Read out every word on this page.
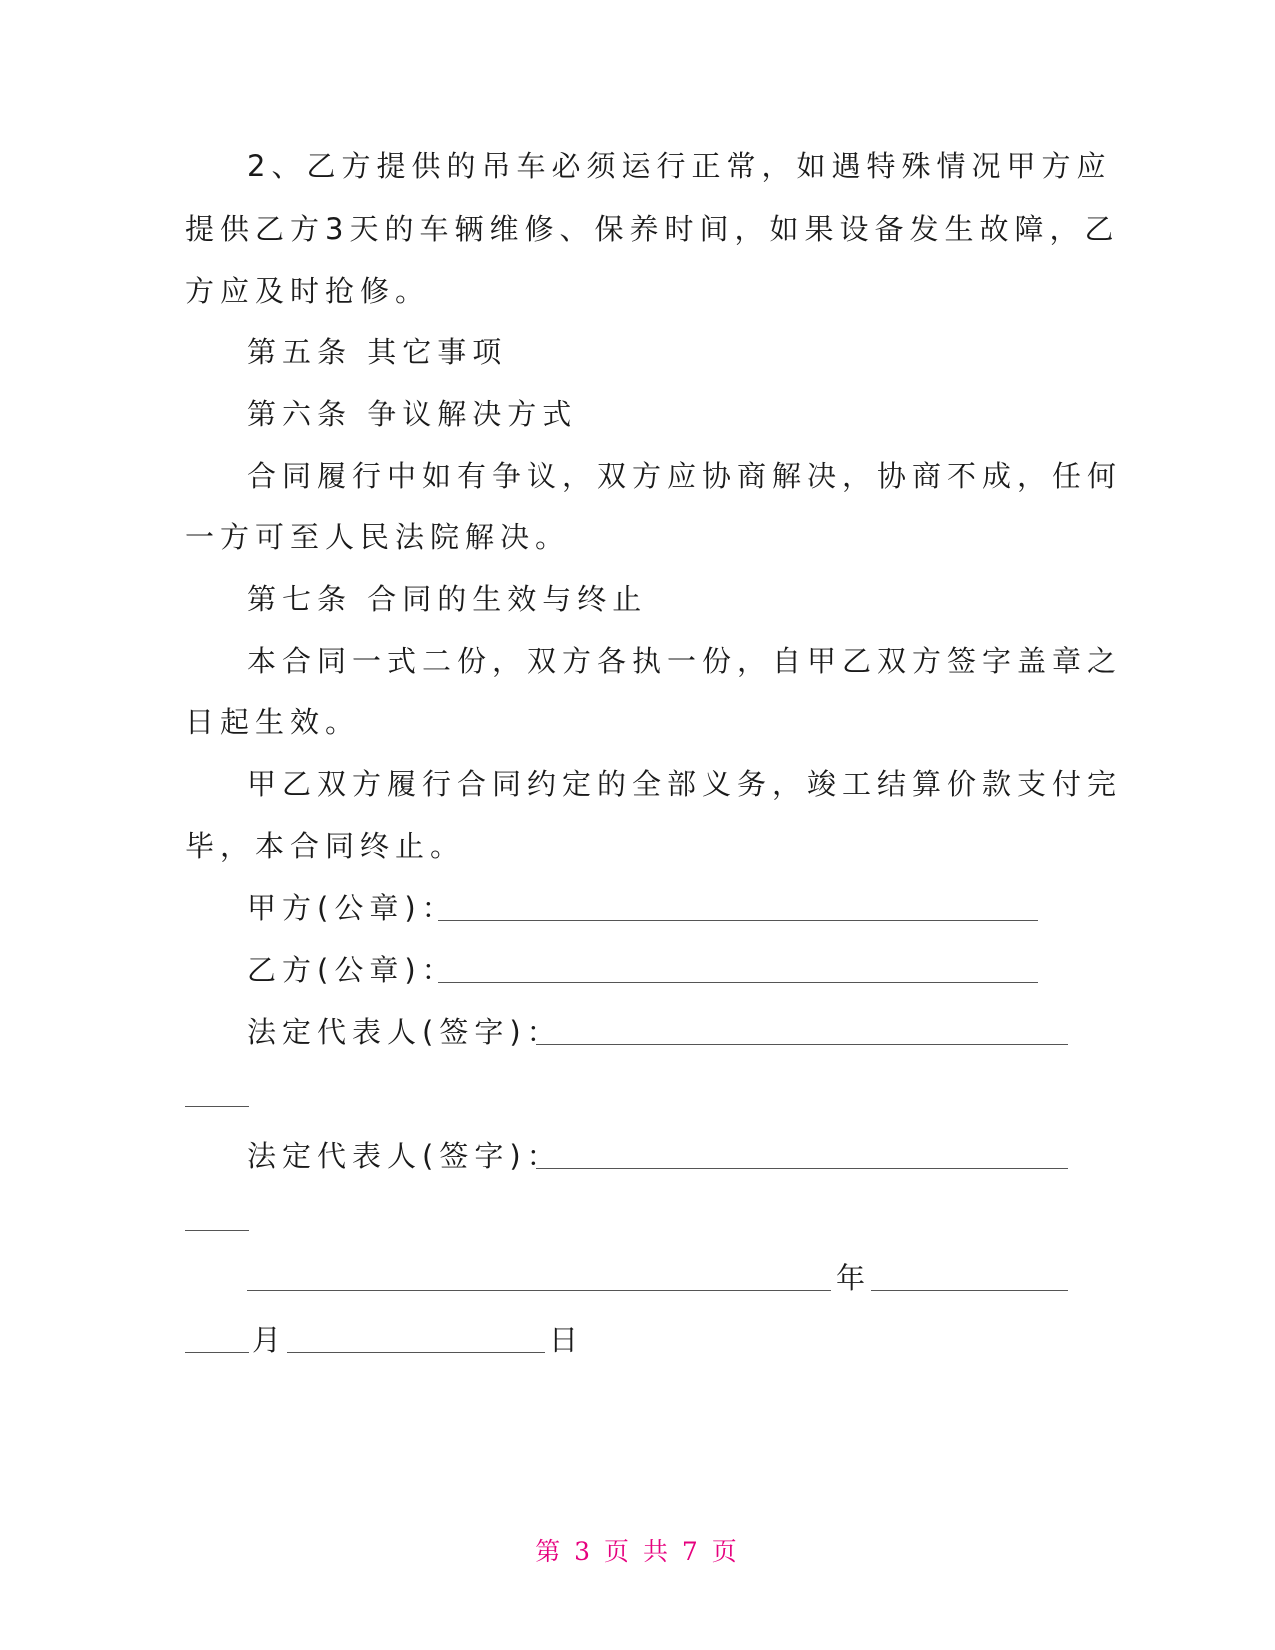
2、乙方提供的吊车必须运行正常，如遇特殊情况甲方应
提供乙方3天的车辆维修、保养时间，如果设备发生故障，乙
方应及时抢修。
第五条 其它事项
第六条 争议解决方式
合同履行中如有争议，双方应协商解决，协商不成，任何
一方可至人民法院解决。
第七条 合同的生效与终止
本合同一式二份，双方各执一份，自甲乙双方签字盖章之
日起生效。
甲乙双方履行合同约定的全部义务，竣工结算价款支付完
毕，本合同终止。
甲方(公章)：
乙方(公章)：
法定代表人(签字)：
法定代表人(签字)：
年
月	日
第 3 页 共 7 页
